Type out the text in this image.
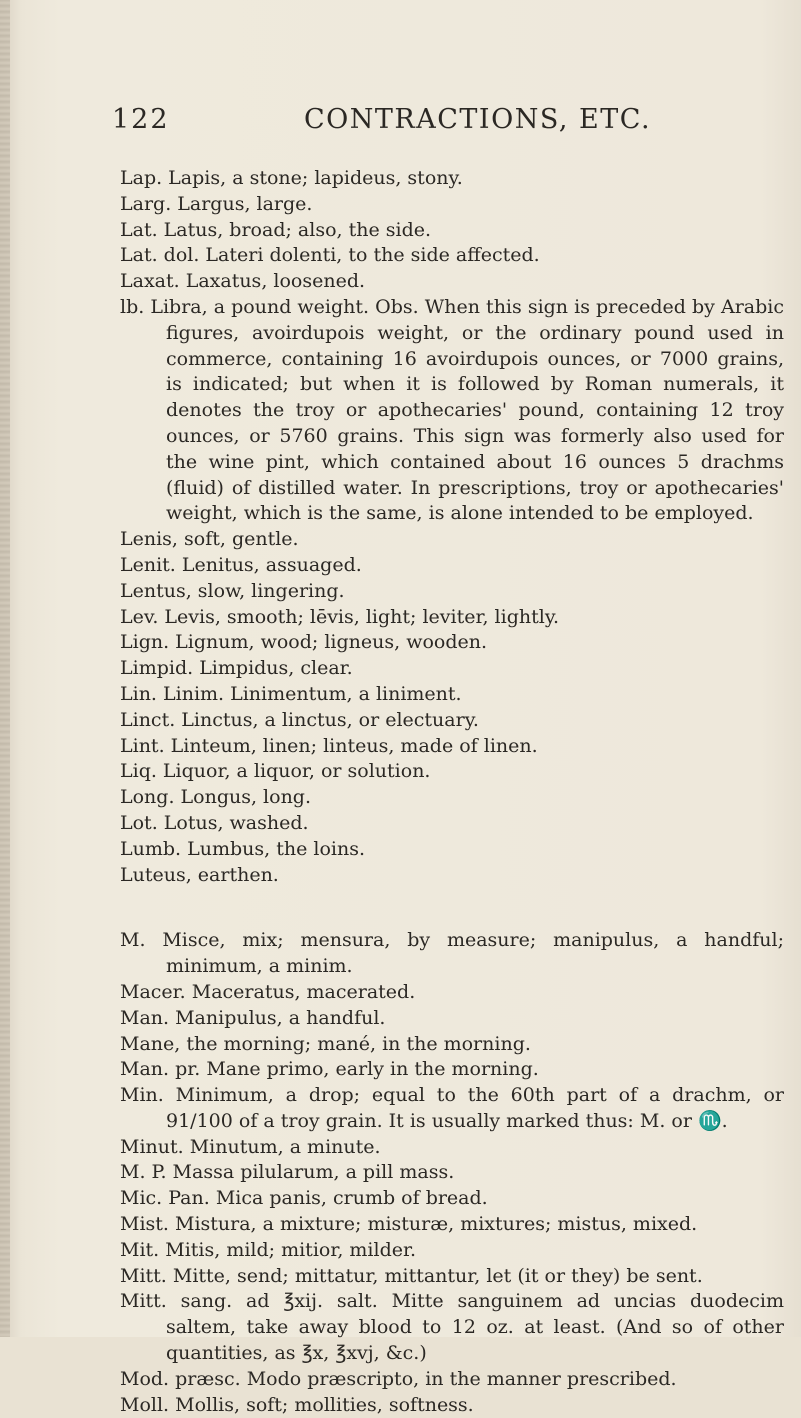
122	CONTRACTIONS, ETC.
Lap. Lapis, a stone; lapideus, stony.
Larg. Largus, large.
Lat. Latus, broad; also, the side.
Lat. dol. Lateri dolenti, to the side affected.
Laxat. Laxatus, loosened.
lb. Libra, a pound weight. Obs. When this sign is preceded by Arabic figures, avoirdupois weight, or the ordinary pound used in commerce, containing 16 avoirdupois ounces, or 7000 grains, is indicated; but when it is followed by Roman numerals, it denotes the troy or apothecaries' pound, containing 12 troy ounces, or 5760 grains. This sign was formerly also used for the wine pint, which contained about 16 ounces 5 drachms (fluid) of distilled water. In prescriptions, troy or apothecaries' weight, which is the same, is alone intended to be employed.
Lenis, soft, gentle.
Lenit. Lenitus, assuaged.
Lentus, slow, lingering.
Lev. Levis, smooth; lēvis, light; leviter, lightly.
Lign. Lignum, wood; ligneus, wooden.
Limpid. Limpidus, clear.
Lin. Linim. Linimentum, a liniment.
Linct. Linctus, a linctus, or electuary.
Lint. Linteum, linen; linteus, made of linen.
Liq. Liquor, a liquor, or solution.
Long. Longus, long.
Lot. Lotus, washed.
Lumb. Lumbus, the loins.
Luteus, earthen.
M. Misce, mix; mensura, by measure; manipulus, a handful; minimum, a minim.
Macer. Maceratus, macerated.
Man. Manipulus, a handful.
Mane, the morning; mané, in the morning.
Man. pr. Mane primo, early in the morning.
Min. Minimum, a drop; equal to the 60th part of a drachm, or 91/100 of a troy grain. It is usually marked thus: M. or ♏.
Minut. Minutum, a minute.
M. P. Massa pilularum, a pill mass.
Mic. Pan. Mica panis, crumb of bread.
Mist. Mistura, a mixture; misturæ, mixtures; mistus, mixed.
Mit. Mitis, mild; mitior, milder.
Mitt. Mitte, send; mittatur, mittantur, let (it or they) be sent.
Mitt. sang. ad ℥xij. salt. Mitte sanguinem ad uncias duodecim saltem, take away blood to 12 oz. at least. (And so of other quantities, as ℥x, ℥xvj, &c.)
Mod. præsc. Modo præscripto, in the manner prescribed.
Moll. Mollis, soft; mollities, softness.
